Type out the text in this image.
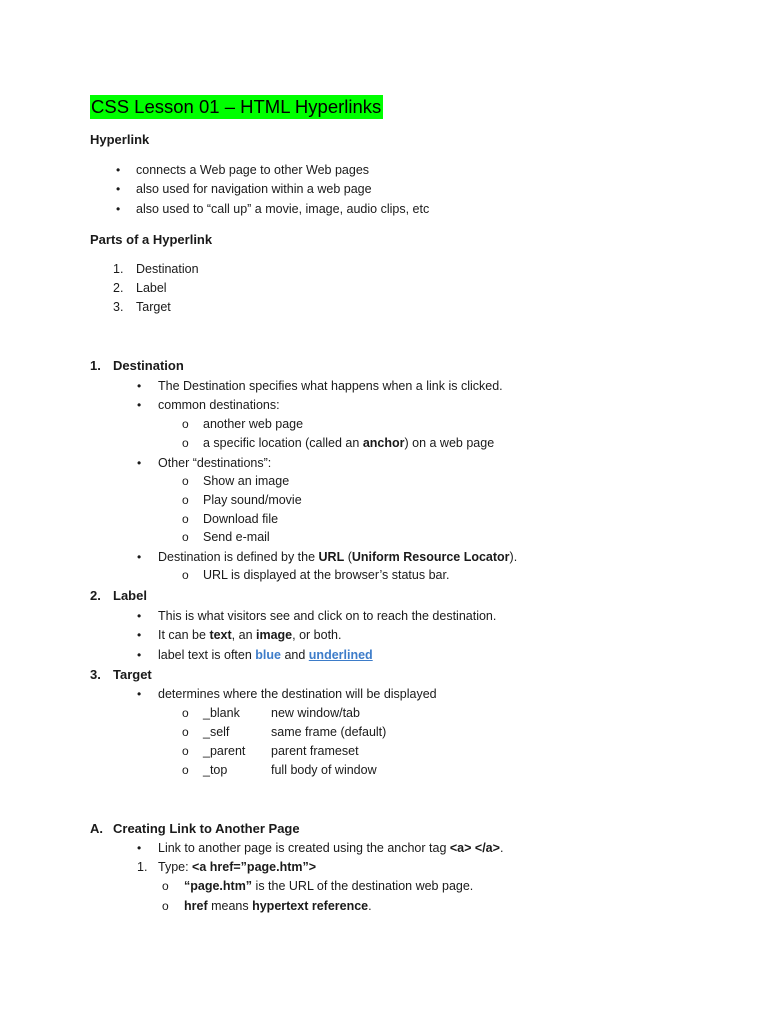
CSS Lesson 01 – HTML Hyperlinks
Hyperlink
• connects a Web page to other Web pages
• also used for navigation within a web page
• also used to “call up” a movie, image, audio clips, etc
Parts of a Hyperlink
1. Destination
2. Label
3. Target
1. Destination
• The Destination specifies what happens when a link is clicked.
• common destinations:
o another web page
o a specific location (called an anchor) on a web page
• Other “destinations”:
o Show an image
o Play sound/movie
o Download file
o Send e-mail
• Destination is defined by the URL (Uniform Resource Locator).
o URL is displayed at the browser’s status bar.
2. Label
• This is what visitors see and click on to reach the destination.
• It can be text, an image, or both.
• label text is often blue and underlined
3. Target
• determines where the destination will be displayed
o _blank new window/tab
o _self	same frame (default)
o _parent parent frameset
o _top	full body of window
A. Creating Link to Another Page
• Link to another page is created using the anchor tag <a> </a>.
1. Type: <a href=”page.htm”>
o “page.htm” is the URL of the destination web page.
o href means hypertext reference.
